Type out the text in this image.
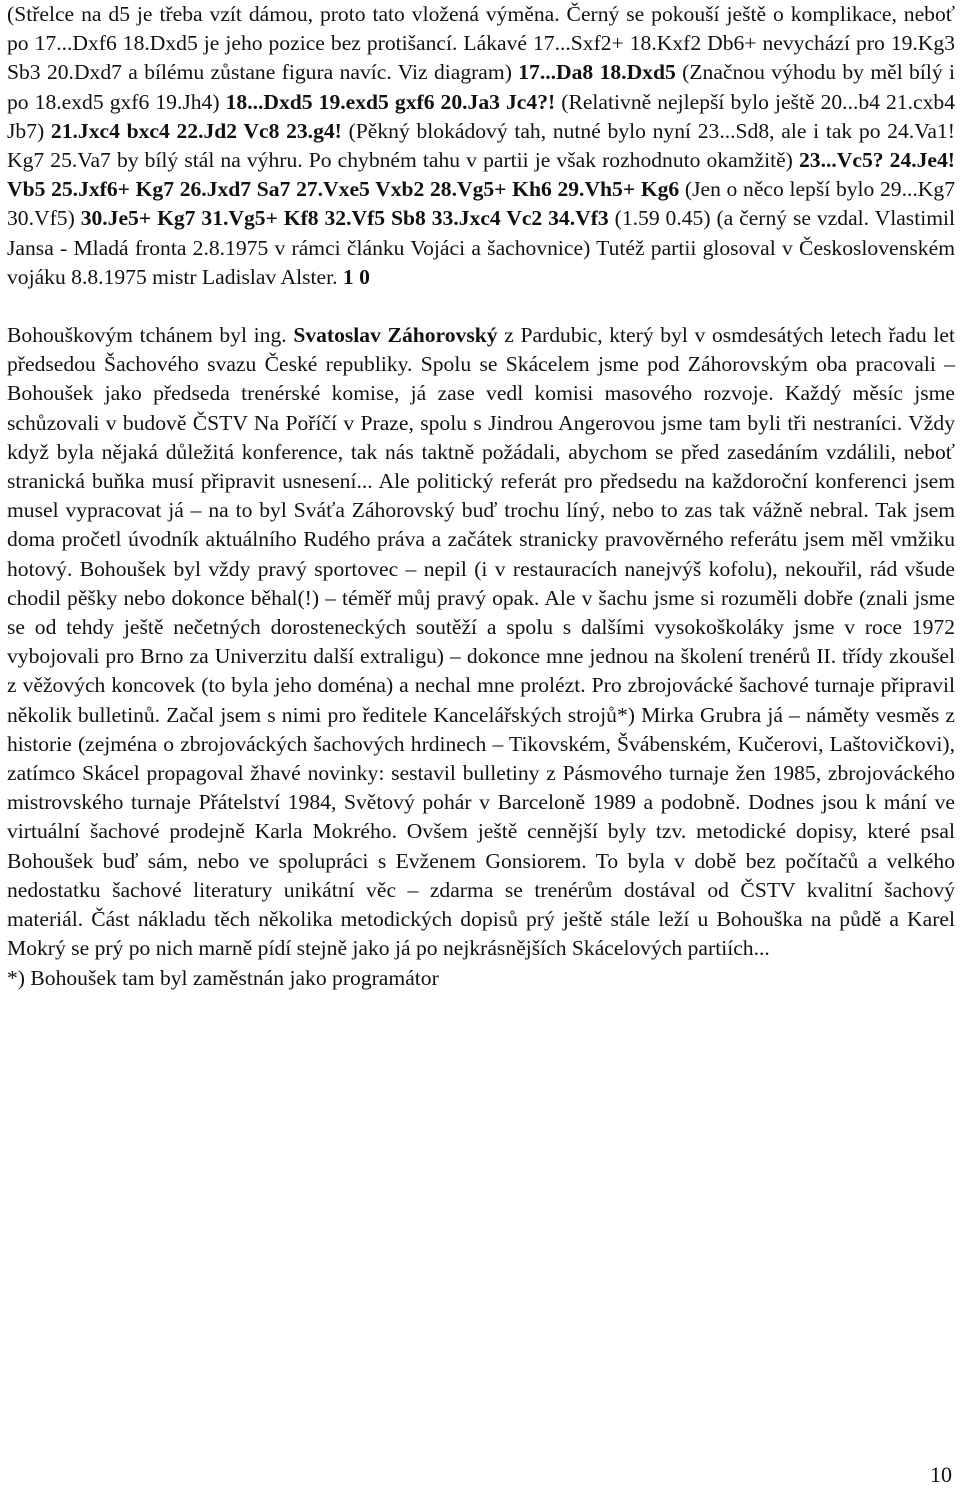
(Střelce na d5 je třeba vzít dámou, proto tato vložená výměna. Černý se pokouší ještě o komplikace, neboť po 17...Dxf6 18.Dxd5 je jeho pozice bez protišancí. Lákavé 17...Sxf2+ 18.Kxf2 Db6+ nevychází pro 19.Kg3 Sb3 20.Dxd7 a bílému zůstane figura navíc. Viz diagram) 17...Da8 18.Dxd5 (Značnou výhodu by měl bílý i po 18.exd5 gxf6 19.Jh4) 18...Dxd5 19.exd5 gxf6 20.Ja3 Jc4?! (Relativně nejlepší bylo ještě 20...b4 21.cxb4 Jb7) 21.Jxc4 bxc4 22.Jd2 Vc8 23.g4! (Pěkný blokádový tah, nutné bylo nyní 23...Sd8, ale i tak po 24.Va1! Kg7 25.Va7 by bílý stál na výhru. Po chybném tahu v partii je však rozhodnuto okamžitě) 23...Vc5? 24.Je4! Vb5 25.Jxf6+ Kg7 26.Jxd7 Sa7 27.Vxe5 Vxb2 28.Vg5+ Kh6 29.Vh5+ Kg6 (Jen o něco lepší bylo 29...Kg7 30.Vf5) 30.Je5+ Kg7 31.Vg5+ Kf8 32.Vf5 Sb8 33.Jxc4 Vc2 34.Vf3 (1.59 0.45) (a černý se vzdal. Vlastimil Jansa - Mladá fronta 2.8.1975 v rámci článku Vojáci a šachovnice) Tutéž partii glosoval v Československém vojáku 8.8.1975 mistr Ladislav Alster. 1 0

Bohouškovým tchánem byl ing. Svatoslav Záhorovský z Pardubic, který byl v osmdesátých letech řadu let předsedou Šachového svazu České republiky. Spolu se Skácelem jsme pod Záhorovským oba pracovali – Bohoušek jako předseda trenérské komise, já zase vedl komisi masového rozvoje. Každý měsíc jsme schůzovali v budově ČSTV Na Poříčí v Praze, spolu s Jindrou Angerovou jsme tam byli tři nestraníci. Vždy když byla nějaká důležitá konference, tak nás taktně požádali, abychom se před zasedáním vzdálili, neboť stranická buňka musí připravit usnesení... Ale politický referát pro předsedu na každoroční konferenci jsem musel vypracovat já – na to byl Sváťa Záhorovský buď trochu líný, nebo to zas tak vážně nebral. Tak jsem doma pročetl úvodník aktuálního Rudého práva a začátek stranicky pravověrného referátu jsem měl vmžiku hotový. Bohoušek byl vždy pravý sportovec – nepil (i v restauracích nanejvýš kofolu), nekouřil, rád všude chodil pěšky nebo dokonce běhal(!) – téměř můj pravý opak. Ale v šachu jsme si rozuměli dobře (znali jsme se od tehdy ještě nečetných dorosteneckých soutěží a spolu s dalšími vysokoškoláky jsme v roce 1972 vybojovali pro Brno za Univerzitu další extraligu) – dokonce mne jednou na školení trenérů II. třídy zkoušel z věžových koncovek (to byla jeho doména) a nechal mne prolézt. Pro zbrojovácké šachové turnaje připravil několik bulletinů. Začal jsem s nimi pro ředitele Kancelářských strojů*) Mirka Grubra já – náměty vesměs z historie (zejména o zbrojováckých šachových hrdinech – Tikovském, Švábenském, Kučerovi, Laštovičkovi), zatímco Skácel propagoval žhavé novinky: sestavil bulletiny z Pásmového turnaje žen 1985, zbrojováckého mistrovského turnaje Přátelství 1984, Světový pohár v Barceloně 1989 a podobně. Dodnes jsou k mání ve virtuální šachové prodejně Karla Mokrého. Ovšem ještě cennější byly tzv. metodické dopisy, které psal Bohoušek buď sám, nebo ve spolupráci s Evženem Gonsiorem. To byla v době bez počítačů a velkého nedostatku šachové literatury unikátní věc – zdarma se trenérům dostával od ČSTV kvalitní šachový materiál. Část nákladu těch několika metodických dopisů prý ještě stále leží u Bohouška na půdě a Karel Mokrý se prý po nich marně pídí stejně jako já po nejkrásnějších Skácelových partiích...

*) Bohoušek tam byl zaměstnán jako programátor

10
